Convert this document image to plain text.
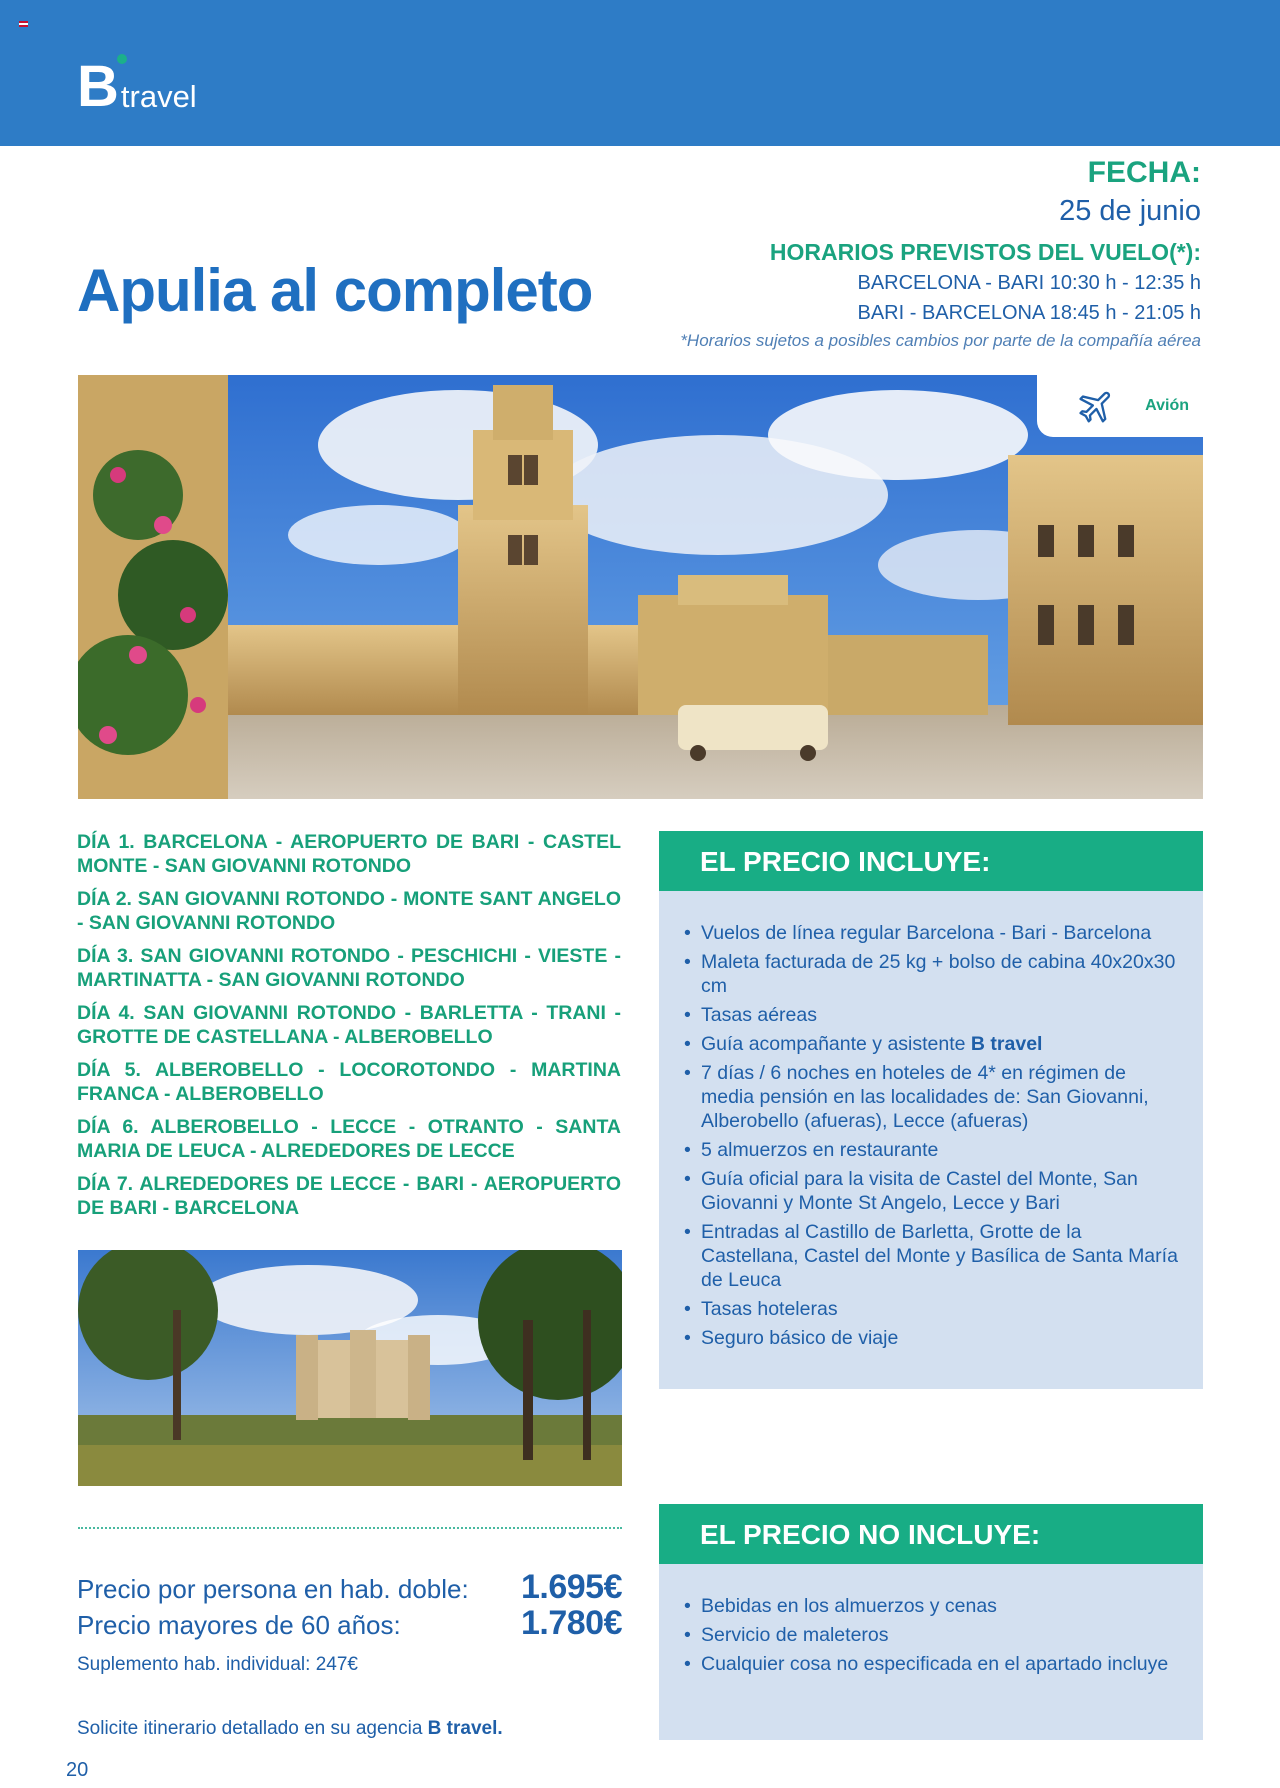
B travel
Apulia al completo
FECHA:
25 de junio
HORARIOS PREVISTOS DEL VUELO(*):
BARCELONA - BARI 10:30 h - 12:35 h
BARI - BARCELONA 18:45 h - 21:05 h
*Horarios sujetos a posibles cambios por parte de la compañía aérea
Avión
DÍA 1. BARCELONA - AEROPUERTO DE BARI - CASTEL MONTE - SAN GIOVANNI ROTONDO
DÍA 2. SAN GIOVANNI ROTONDO - MONTE SANT ANGELO - SAN GIOVANNI ROTONDO
DÍA 3. SAN GIOVANNI ROTONDO - PESCHICHI - VIESTE - MARTINATTA - SAN GIOVANNI ROTONDO
DÍA 4. SAN GIOVANNI ROTONDO - BARLETTA - TRANI - GROTTE DE CASTELLANA - ALBEROBELLO
DÍA 5. ALBEROBELLO - LOCOROTONDO - MARTINA FRANCA - ALBEROBELLO
DÍA 6. ALBEROBELLO - LECCE - OTRANTO - SANTA MARIA DE LEUCA - ALREDEDORES DE LECCE
DÍA 7. ALREDEDORES DE LECCE - BARI - AEROPUERTO DE BARI - BARCELONA
Precio por persona en hab. doble: 1.695€
Precio mayores de 60 años:	1.780€
Suplemento hab. individual: 247€
Solicite itinerario detallado en su agencia B travel.
20
EL PRECIO INCLUYE:
• Vuelos de línea regular Barcelona - Bari - Barcelona
• Maleta facturada de 25 kg + bolso de cabina 40x20x30 cm
• Tasas aéreas
• Guía acompañante y asistente B travel
• 7 días / 6 noches en hoteles de 4* en régimen de media pensión en las localidades de: San Giovanni, Alberobello (afueras), Lecce (afueras)
• 5 almuerzos en restaurante
• Guía oficial para la visita de Castel del Monte, San Giovanni y Monte St Angelo, Lecce y Bari
• Entradas al Castillo de Barletta, Grotte de la Castellana, Castel del Monte y Basílica de Santa María de Leuca
• Tasas hoteleras
• Seguro básico de viaje
EL PRECIO NO INCLUYE:
• Bebidas en los almuerzos y cenas
• Servicio de maleteros
• Cualquier cosa no especificada en el apartado incluye
